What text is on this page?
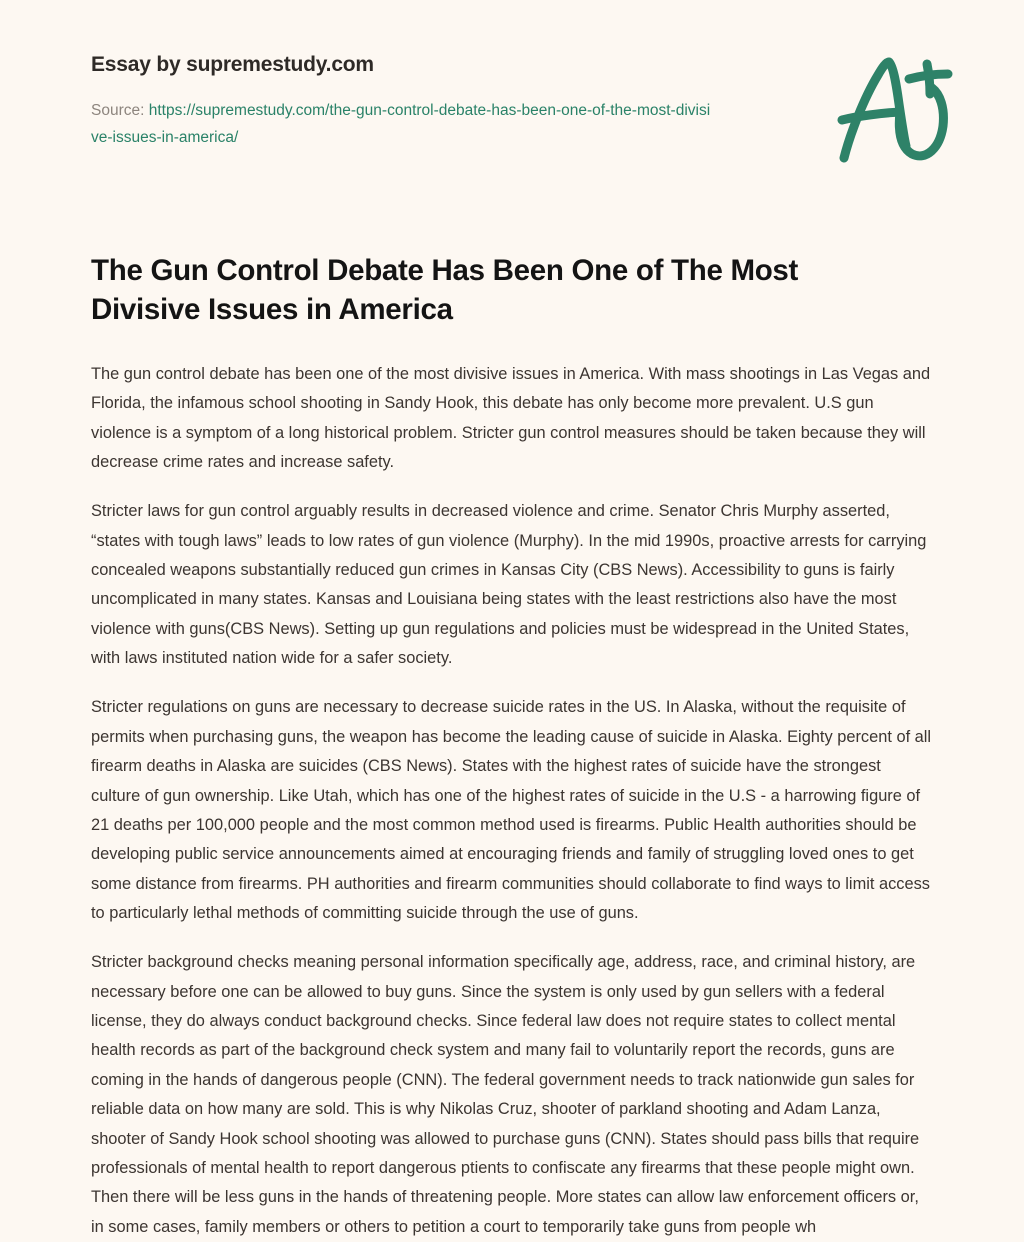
Essay by supremestudy.com
Source: https://supremestudy.com/the-gun-control-debate-has-been-one-of-the-most-divisive-issues-in-america/
The Gun Control Debate Has Been One of The Most Divisive Issues in America

The gun control debate has been one of the most divisive issues in America. With mass shootings in Las Vegas and Florida, the infamous school shooting in Sandy Hook, this debate has only become more prevalent. U.S gun violence is a symptom of a long historical problem. Stricter gun control measures should be taken because they will decrease crime rates and increase safety.

Stricter laws for gun control arguably results in decreased violence and crime. Senator Chris Murphy asserted, “states with tough laws” leads to low rates of gun violence (Murphy). In the mid 1990s, proactive arrests for carrying concealed weapons substantially reduced gun crimes in Kansas City (CBS News). Accessibility to guns is fairly uncomplicated in many states. Kansas and Louisiana being states with the least restrictions also have the most violence with guns(CBS News). Setting up gun regulations and policies must be widespread in the United States, with laws instituted nation wide for a safer society.

Stricter regulations on guns are necessary to decrease suicide rates in the US. In Alaska, without the requisite of permits when purchasing guns, the weapon has become the leading cause of suicide in Alaska. Eighty percent of all firearm deaths in Alaska are suicides (CBS News). States with the highest rates of suicide have the strongest culture of gun ownership. Like Utah, which has one of the highest rates of suicide in the U.S - a harrowing figure of 21 deaths per 100,000 people and the most common method used is firearms. Public Health authorities should be developing public service announcements aimed at encouraging friends and family of struggling loved ones to get some distance from firearms. PH authorities and firearm communities should collaborate to find ways to limit access to particularly lethal methods of committing suicide through the use of guns.

Stricter background checks meaning personal information specifically age, address, race, and criminal history, are necessary before one can be allowed to buy guns. Since the system is only used by gun sellers with a federal license, they do always conduct background checks. Since federal law does not require states to collect mental health records as part of the background check system and many fail to voluntarily report the records, guns are coming in the hands of dangerous people (CNN). The federal government needs to track nationwide gun sales for reliable data on how many are sold. This is why Nikolas Cruz, shooter of parkland shooting and Adam Lanza, shooter of Sandy Hook school shooting was allowed to purchase guns (CNN). States should pass bills that require professionals of mental health to report dangerous ptients to confiscate any firearms that these people might own. Then there will be less guns in the hands of threatening people. More states can allow law enforcement officers or, in some cases, family members or others to petition a court to temporarily take guns from people wh
